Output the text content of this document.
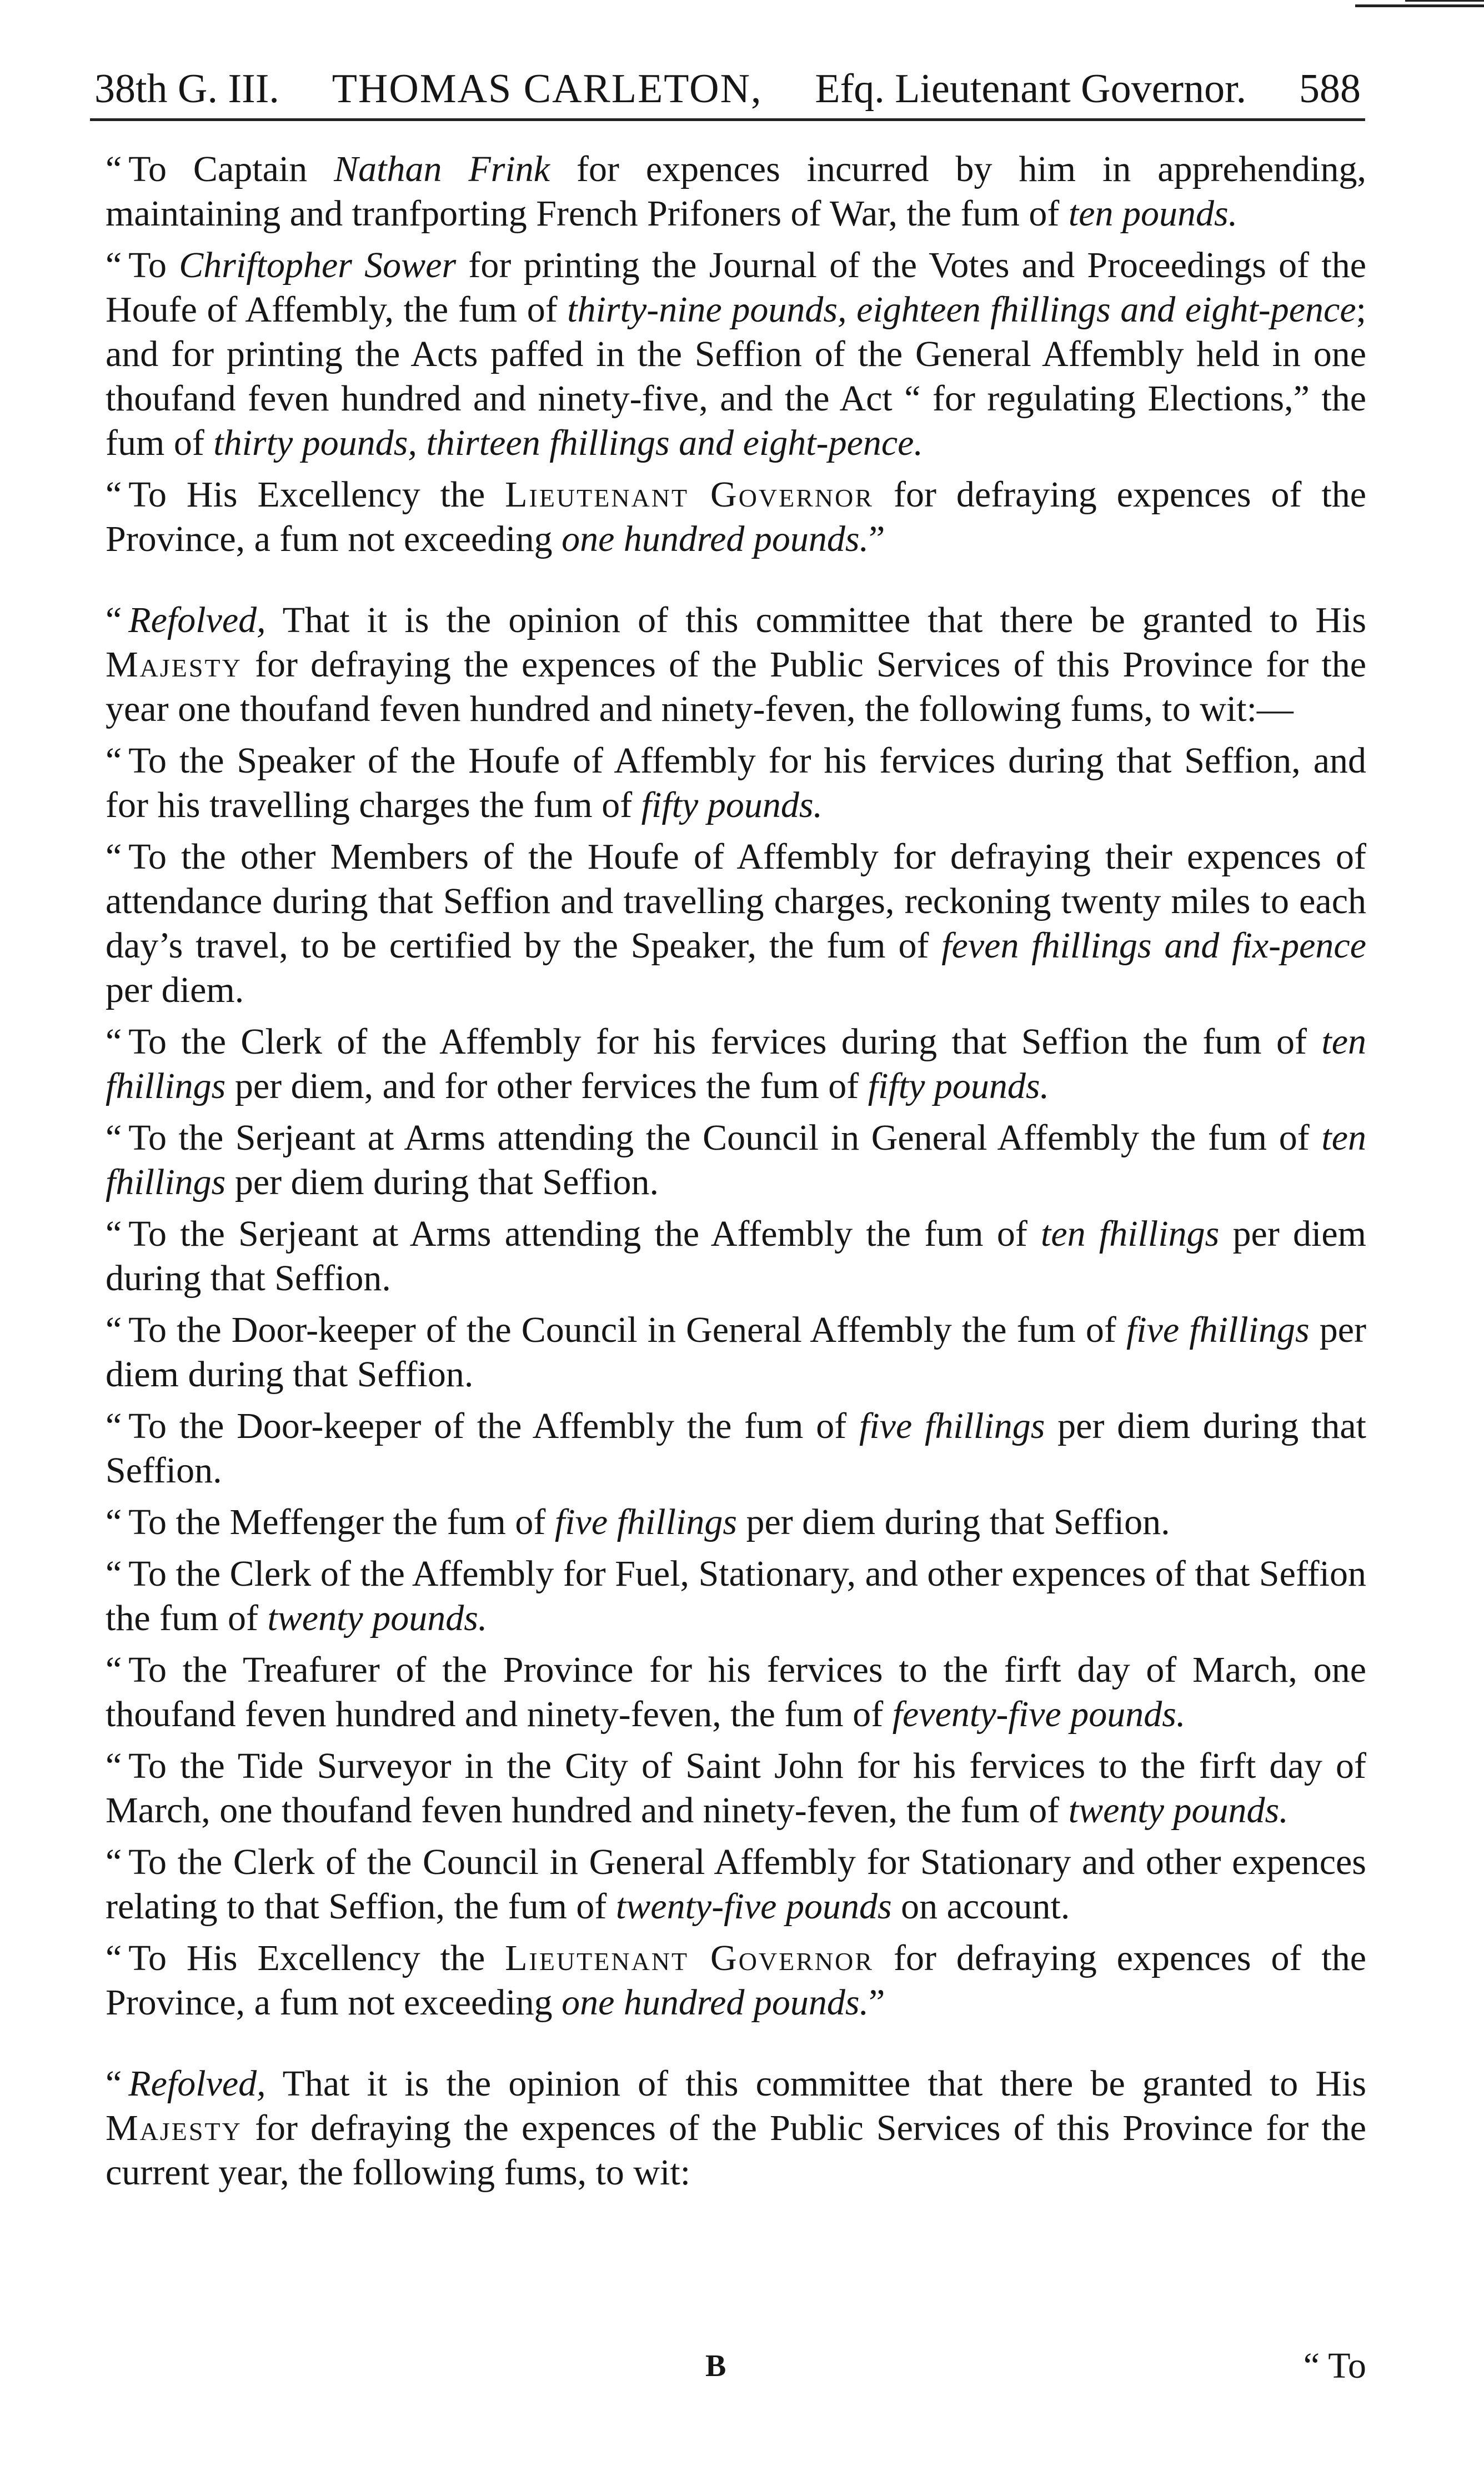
38th G. III. THOMAS CARLETON, Efq. Lieutenant Governor. 588

“ To Captain Nathan Frink for expences incurred by him in apprehending, maintaining and tranfporting French Prifoners of War, the fum of ten pounds.

“ To Chriftopher Sower for printing the Journal of the Votes and Proceedings of the Houfe of Affembly, the fum of thirty-nine pounds, eighteen fhillings and eight-pence; and for printing the Acts paffed in the Seffion of the General Affembly held in one thoufand feven hundred and ninety-five, and the Act “ for regulating Elections,” the fum of thirty pounds, thirteen fhillings and eight-pence.

“ To His Excellency the Lieutenant Governor for defraying expences of the Province, a fum not exceeding one hundred pounds.”

“ Refolved, That it is the opinion of this committee that there be granted to His Majesty for defraying the expences of the Public Services of this Province for the year one thoufand feven hundred and ninety-feven, the following fums, to wit:—

“ To the Speaker of the Houfe of Affembly for his fervices during that Seffion, and for his travelling charges the fum of fifty pounds.

“ To the other Members of the Houfe of Affembly for defraying their expences of attendance during that Seffion and travelling charges, reckoning twenty miles to each day’s travel, to be certified by the Speaker, the fum of feven fhillings and fix-pence per diem.

“ To the Clerk of the Affembly for his fervices during that Seffion the fum of ten fhillings per diem, and for other fervices the fum of fifty pounds.

“ To the Serjeant at Arms attending the Council in General Affembly the fum of ten fhillings per diem during that Seffion.

“ To the Serjeant at Arms attending the Affembly the fum of ten fhillings per diem during that Seffion.

“ To the Door-keeper of the Council in General Affembly the fum of five fhillings per diem during that Seffion.

“ To the Door-keeper of the Affembly the fum of five fhillings per diem during that Seffion.

“ To the Meffenger the fum of five fhillings per diem during that Seffion.

“ To the Clerk of the Affembly for Fuel, Stationary, and other expences of that Seffion the fum of twenty pounds.

“ To the Treafurer of the Province for his fervices to the firft day of March, one thoufand feven hundred and ninety-feven, the fum of feventy-five pounds.

“ To the Tide Surveyor in the City of Saint John for his fervices to the firft day of March, one thoufand feven hundred and ninety-feven, the fum of twenty pounds.

“ To the Clerk of the Council in General Affembly for Stationary and other expences relating to that Seffion, the fum of twenty-five pounds on account.

“ To His Excellency the Lieutenant Governor for defraying expences of the Province, a fum not exceeding one hundred pounds.”

“ Refolved, That it is the opinion of this committee that there be granted to His Majesty for defraying the expences of the Public Services of this Province for the current year, the following fums, to wit:

B	“ To
